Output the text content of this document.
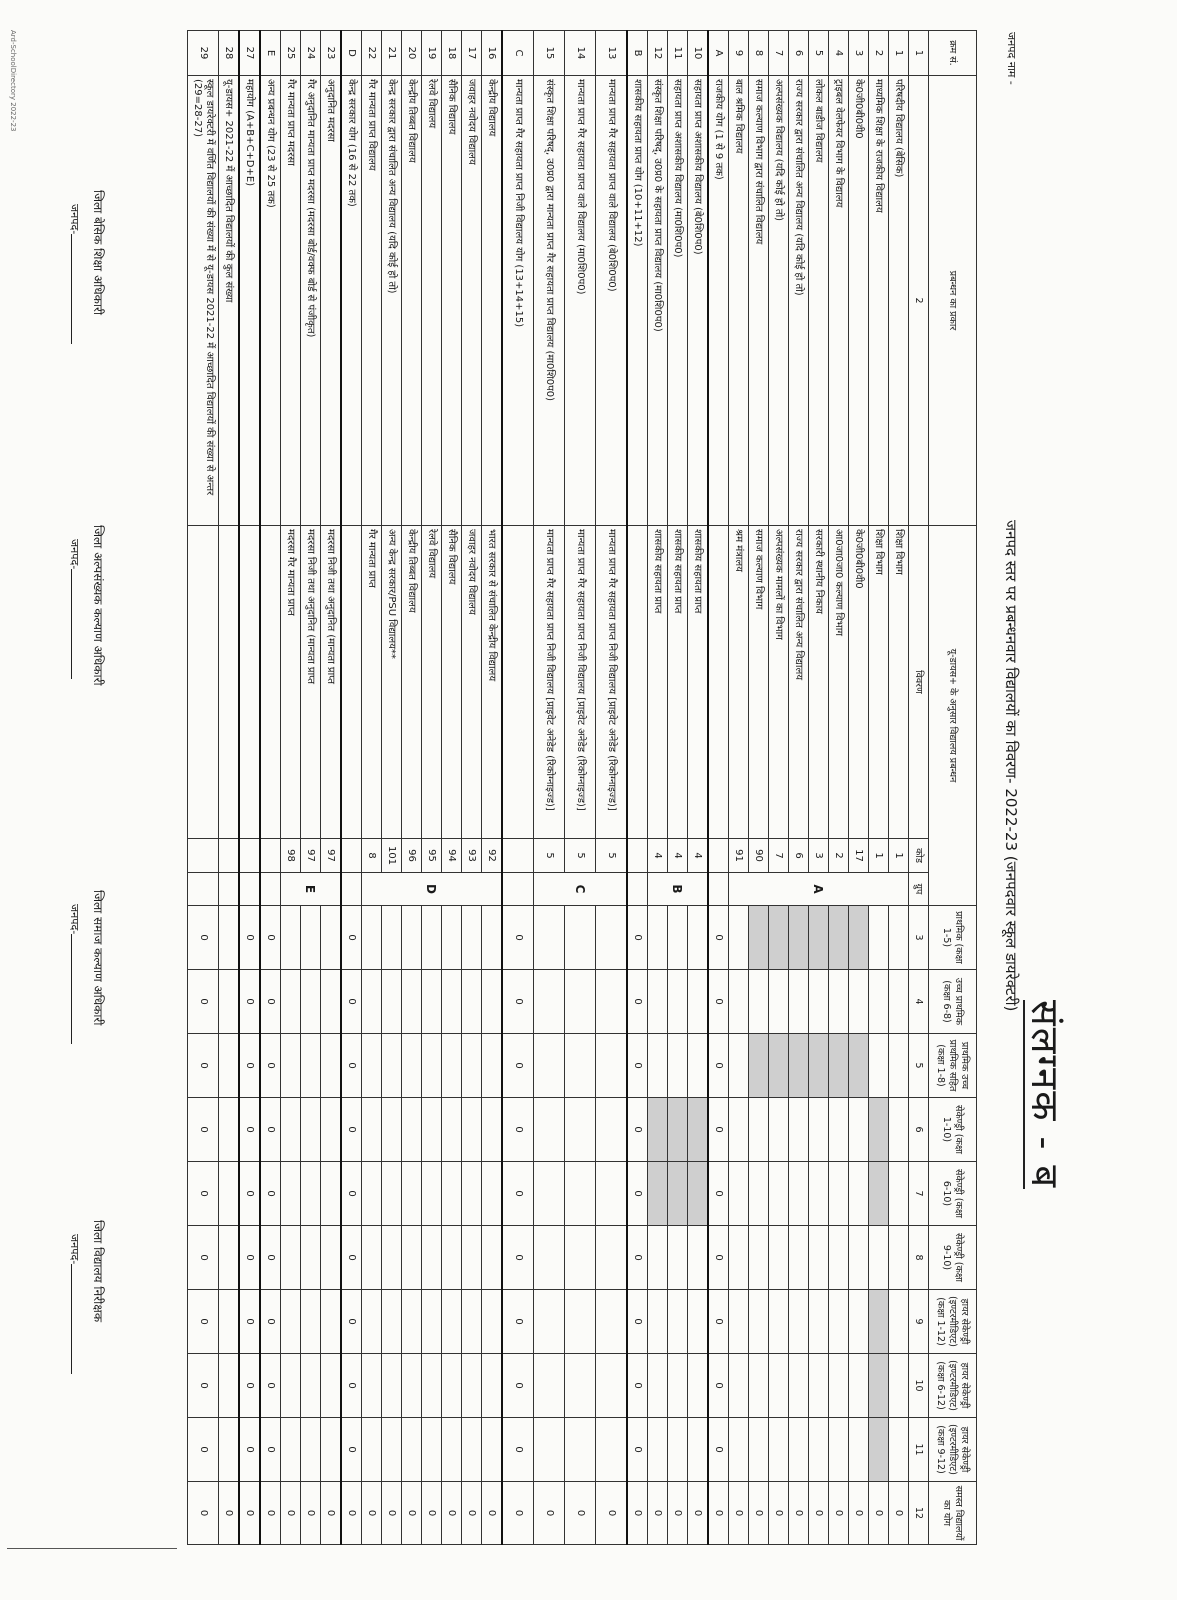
जनपद नाम -
जनपद स्तर पर प्रबन्धनवार विद्यालयों का विवरण- 2022-23 (जनपदवार स्कूल डायरेक्टरी)
संलग्नक - ब
क्रम सं.	प्रबन्धन का प्रकार	यू-डायस+ के अनुसार विद्यालय प्रबन्धन			प्राथमिक (कक्षा 1-5)	उच्च प्राथमिक (कक्षा 6-8)	प्राथमिक उच्च प्राथमिक सहित (कक्षा 1-8)	सेकेण्ड्री (कक्षा 1-10)	सेकेण्ड्री (कक्षा 6-10)	सेकेण्ड्री (कक्षा 9-10)	हायर सेकेण्ड्री (इण्टरमीडिएट) (कक्षा 1-12)	हायर सेकेण्ड्री (इण्टरमीडिएट) (कक्षा 6-12)	हायर सेकेण्ड्री (इण्टरमीडिएट) (कक्षा 9-12)	समस्त विद्यालयों का योग
1	2	विवरण	कोड	ग्रुप	3	4	5	6	7	8	9	10	11	12
1	परिषदीय विद्यालय (बेसिक)	शिक्षा विभाग	1	A										0
2	माध्यमिक शिक्षा के राजकीय विद्यालय	शिक्षा विभाग	1											0
3	के0जी0बी0वी0	के0जी0बी0वी0	17											0
4	ट्राइबल वेलफेयर विभाग के विद्यालय	आ0जा0जा0 कल्याण विभाग	2											0
5	लोकल बाडीज विद्यालय	सरकारी स्थानीय निकाय	3											0
6	राज्य सरकार द्वारा संचालित अन्य विद्यालय (यदि कोई हो तो)	राज्य सरकार द्वारा संचालित अन्य विद्यालय	6											0
7	अल्पसंख्यक विद्यालय (यदि कोई हो तो)	अल्पसंख्यक मामलों का विभाग	7											0
8	समाज कल्याण विभाग द्वारा संचालित विद्यालय	समाज कल्याण विभाग	90											0
9	बाल श्रमिक विद्यालय	श्रम मंत्रालय	91											0
A	राजकीय योग (1 से 9 तक)				0	0	0	0	0	0	0	0	0	0
10	सहायता प्राप्त अशासकीय विद्यालय (बे0शि0प0)	शासकीय सहायता प्राप्त	4	B										0
11	सहायता प्राप्त अशासकीय विद्यालय (मा0शि0प0)	शासकीय सहायता प्राप्त	4											0
12	संस्कृत शिक्षा परिषद्, उ0प्र0 के सहायता प्राप्त विद्यालय (मा0शि0प0)	शासकीय सहायता प्राप्त	4											0
B	शासकीय सहायता प्राप्त योग (10+11+12)				0	0	0	0	0	0	0	0	0	0
13	मान्यता प्राप्त गैर सहायता प्राप्त वाले विद्यालय (बे0शि0प0)	मान्यता प्राप्त गैर सहायता प्राप्त निजी विद्यालय [प्राइवेट अनेडेड (रिकोग्नाइज्ड)]	5	C										0
14	मान्यता प्राप्त गैर सहायता प्राप्त वाले विद्यालय (मा0शि0प0)	मान्यता प्राप्त गैर सहायता प्राप्त निजी विद्यालय [प्राइवेट अनेडेड (रिकोग्नाइज्ड)]	5											0
15	संस्कृत शिक्षा परिषद्, उ0प्र0 द्वारा मान्यता प्राप्त गैर सहायता प्राप्त विद्यालय (मा0शि0प0)	मान्यता प्राप्त गैर सहायता प्राप्त निजी विद्यालय [प्राइवेट अनेडेड (रिकोग्नाइज्ड)]	5											0
C	मान्यता प्राप्त गैर सहायता प्राप्त निजी विद्यालय योग (13+14+15)				0	0	0	0	0	0	0	0	0	0
16	केन्द्रीय विद्यालय	भारत सरकार से संचालित केन्द्रीय विद्यालय	92	D										0
17	जवाहर नवोदय विद्यालय	जवाहर नवोदय विद्यालय	93											0
18	सैनिक विद्यालय	सैनिक विद्यालय	94											0
19	रेलवे विद्यालय	रेलवे विद्यालय	95											0
20	केन्द्रीय तिब्बत विद्यालय	केन्द्रीय तिब्बत विद्यालय	96											0
21	केन्द्र सरकार द्वारा संचालित अन्य विद्यालय (यदि कोई हो तो)	अन्य केन्द्र सरकार/PSU विद्यालय**	101											0
22	गैर मान्यता प्राप्त विद्यालय	गैर मान्यता प्राप्त	8											0
D	केन्द्र सरकार योग (16 से 22 तक)				0	0	0	0	0	0	0	0	0	0
23	अनुदानित मदरसा	मदरसा निजी तथा अनुदानित (मान्यता प्राप्त	97	E										0
24	गैर अनुदानित मान्यता प्राप्त मदरसा (मदरसा बोर्ड/वक्फ बोर्ड से पंजीकृत)	मदरसा निजी तथा अनुदानित (मान्यता प्राप्त	97											0
25	गैर मान्यता प्राप्त मदरसा	मदरसा गैर मान्यता प्राप्त	98											0
E	अन्य प्रबन्धन योग (23 से 25 तक)				0	0	0	0	0	0	0	0	0	0
27	महायोग (A+B+C+D+E)				0	0	0	0	0	0	0	0	0	0
28	यू-डायस+ 2021-22 में आच्छादित विद्यालयों की कुल संख्या													0
29	स्कूल डायरेक्टरी में वर्णित विद्यालयों की संख्या में से यू-डायस 2021-22 में आच्छादित विद्यालयों की संख्या से अन्तर (29=28-27)				0	0	0	0	0	0	0	0	0	0
जिला बेसिक शिक्षा अधिकारी
जनपद-
जिला अल्पसंख्यक कल्याण अधिकारी
जनपद-
जिला समाज कल्याण अधिकारी
जनपद-
जिला विद्यालय निरीक्षक
जनपद-
Ard-SchoolDirectory 2022-23
